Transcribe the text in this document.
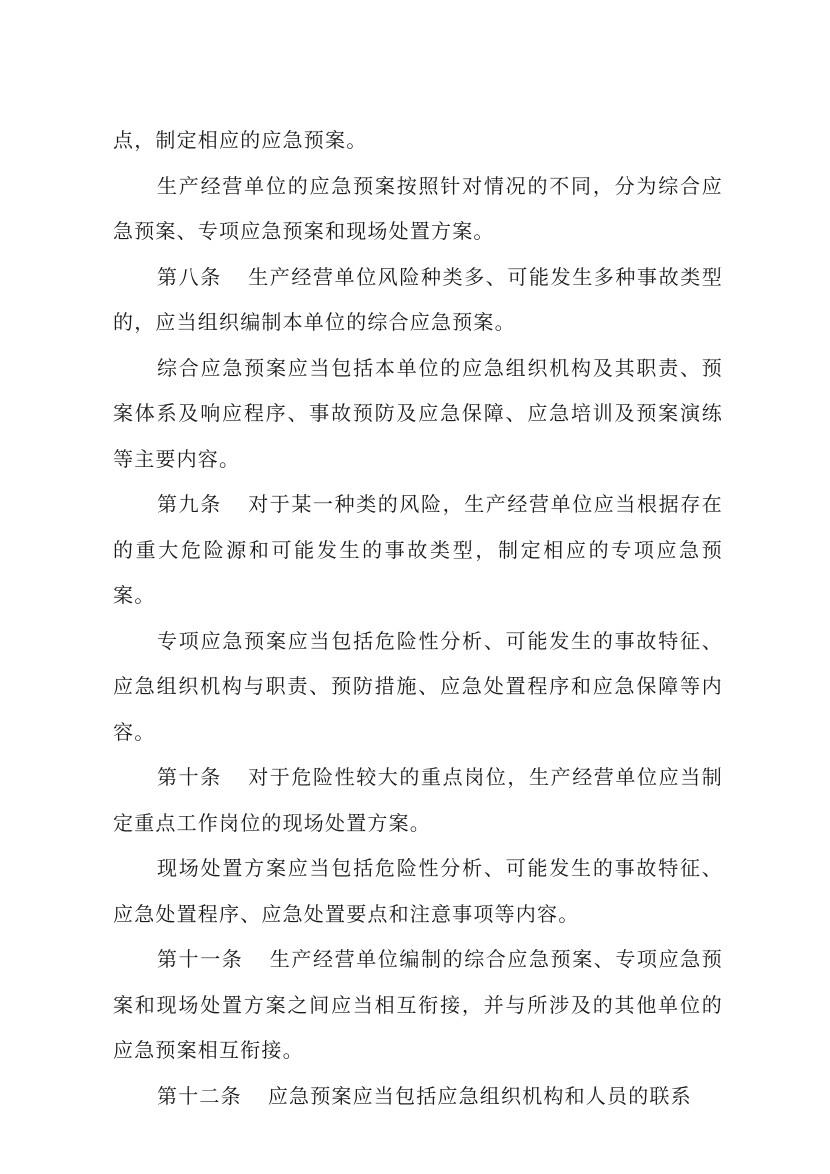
点，制定相应的应急预案。

生产经营单位的应急预案按照针对情况的不同，分为综合应急预案、专项应急预案和现场处置方案。

第八条 生产经营单位风险种类多、可能发生多种事故类型的，应当组织编制本单位的综合应急预案。

综合应急预案应当包括本单位的应急组织机构及其职责、预案体系及响应程序、事故预防及应急保障、应急培训及预案演练等主要内容。

第九条 对于某一种类的风险，生产经营单位应当根据存在的重大危险源和可能发生的事故类型，制定相应的专项应急预案。

专项应急预案应当包括危险性分析、可能发生的事故特征、应急组织机构与职责、预防措施、应急处置程序和应急保障等内容。

第十条 对于危险性较大的重点岗位，生产经营单位应当制定重点工作岗位的现场处置方案。

现场处置方案应当包括危险性分析、可能发生的事故特征、应急处置程序、应急处置要点和注意事项等内容。

第十一条 生产经营单位编制的综合应急预案、专项应急预案和现场处置方案之间应当相互衔接，并与所涉及的其他单位的应急预案相互衔接。

第十二条 应急预案应当包括应急组织机构和人员的联系
